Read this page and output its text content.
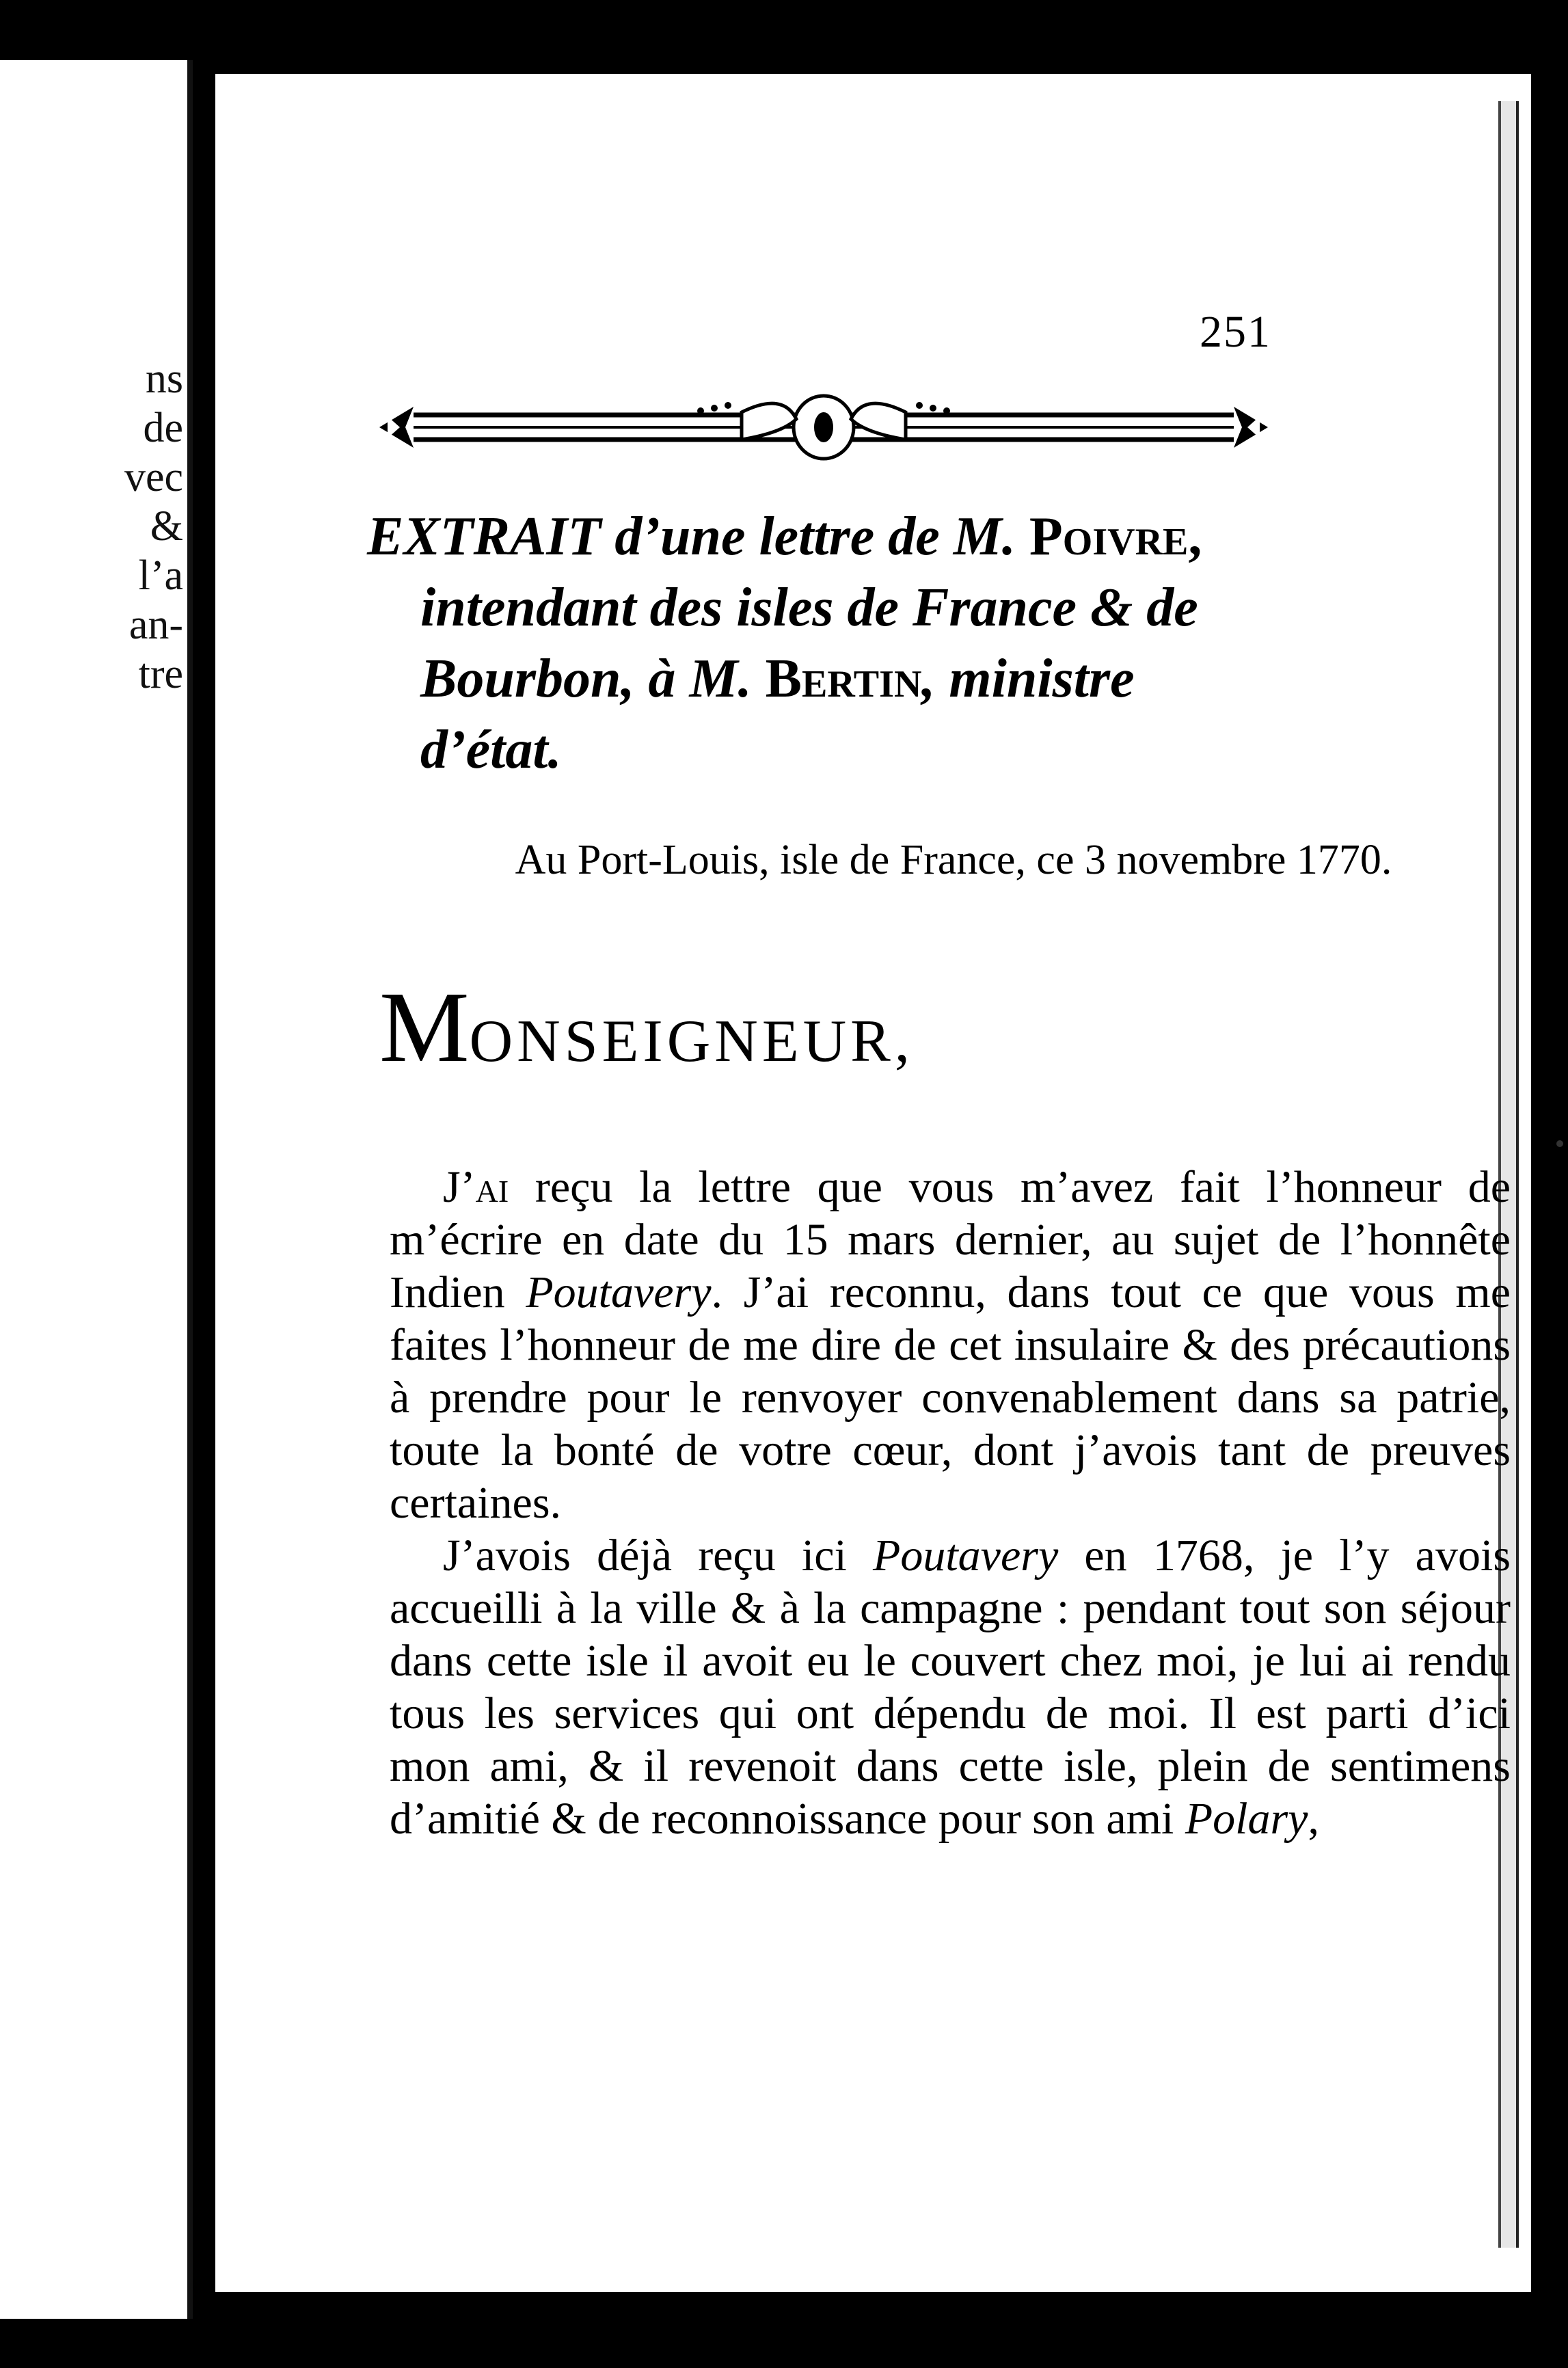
ns
de
vec
&
l’a
an-
tre
251
EXTRAIT d’une lettre de M. Poivre,
intendant des isles de France & de
Bourbon, à M. Bertin, ministre
d’état.
Au Port-Louis, isle de France, ce 3 novembre 1770.
MONSEIGNEUR,

J’ai reçu la lettre que vous m’avez fait l’honneur de m’écrire en date du 15 mars dernier, au sujet de l’honnête Indien Poutavery. J’ai reconnu, dans tout ce que vous me faites l’honneur de me dire de cet insulaire & des précautions à prendre pour le renvoyer convenablement dans sa patrie, toute la bonté de votre cœur, dont j’avois tant de preuves certaines.

J’avois déjà reçu ici Poutavery en 1768, je l’y avois accueilli à la ville & à la campagne : pendant tout son séjour dans cette isle il avoit eu le couvert chez moi, je lui ai rendu tous les services qui ont dépendu de moi. Il est parti d’ici mon ami, & il revenoit dans cette isle, plein de sentimens d’amitié & de reconnoissance pour son ami Polary,
